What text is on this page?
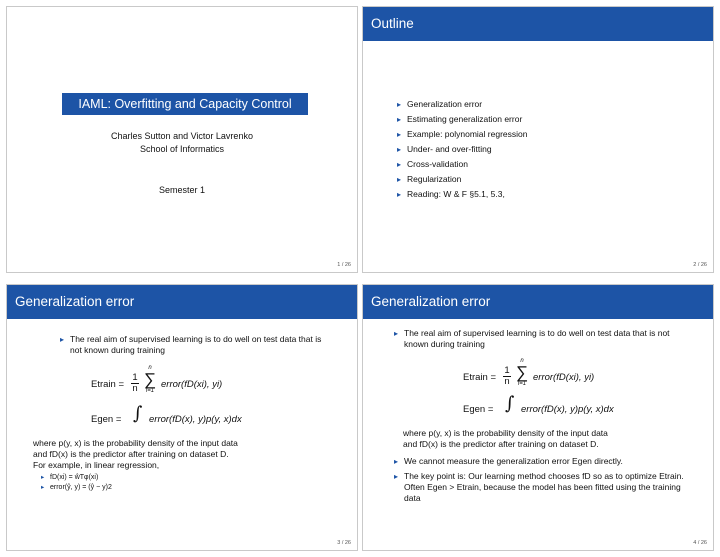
IAML: Overfitting and Capacity Control
Charles Sutton and Victor Lavrenko
School of Informatics
Semester 1
1 / 26
Outline
▸ Generalization error
▸ Estimating generalization error
▸ Example: polynomial regression
▸ Under- and over-fitting
▸ Cross-validation
▸ Regularization
▸ Reading: W & F §5.1, 5.3,
2 / 26
Generalization error
▸ The real aim of supervised learning is to do well on test data that is not known during training
Etrain =
1
n
n
∑
i=1
error(fD(xi), yi)
Egen = ∫ error(fD(x), y)p(y, x)dx
where p(y, x) is the probability density of the input data
and fD(x) is the predictor after training on dataset D.
For example, in linear regression,
▸ fD(xi) = ŵTφ(xi)
▸ error(ŷ, y) = (ŷ − y)2
3 / 26
Generalization error
▸ The real aim of supervised learning is to do well on test data that is not known during training
Etrain =
1
n
n
∑
i=1
error(fD(xi), yi)
Egen = ∫ error(fD(x), y)p(y, x)dx
where p(y, x) is the probability density of the input data
and fD(x) is the predictor after training on dataset D.
▸ We cannot measure the generalization error Egen directly.
▸ The key point is: Our learning method chooses fD so as to optimize Etrain. Often Egen > Etrain, because the model has been fitted using the training data
4 / 26
